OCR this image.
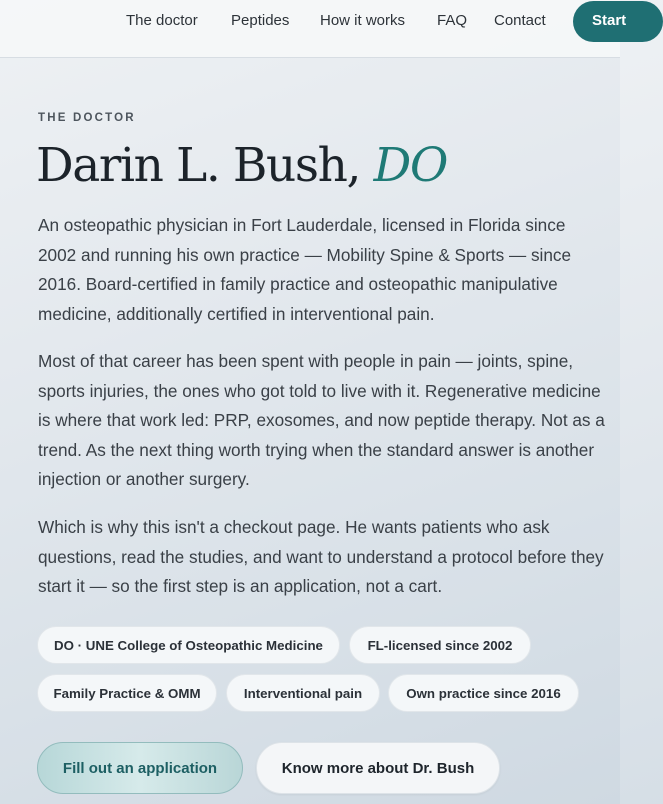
The doctor Peptides How it works FAQ Contact	Start
THE DOCTOR
Darin L. Bush, DO

An osteopathic physician in Fort Lauderdale, licensed in Florida since 2002 and running his own practice — Mobility Spine & Sports — since 2016. Board-certified in family practice and osteopathic manipulative medicine, additionally certified in interventional pain.

Most of that career has been spent with people in pain — joints, spine, sports injuries, the ones who got told to live with it. Regenerative medicine is where that work led: PRP, exosomes, and now peptide therapy. Not as a trend. As the next thing worth trying when the standard answer is another injection or another surgery.

Which is why this isn't a checkout page. He wants patients who ask questions, read the studies, and want to understand a protocol before they start it — so the first step is an application, not a cart.

DO · UNE College of Osteopathic Medicine	FL-licensed since 2002
Family Practice & OMM	Interventional pain	Own practice since 2016
Fill out an application	Know more about Dr. Bush
